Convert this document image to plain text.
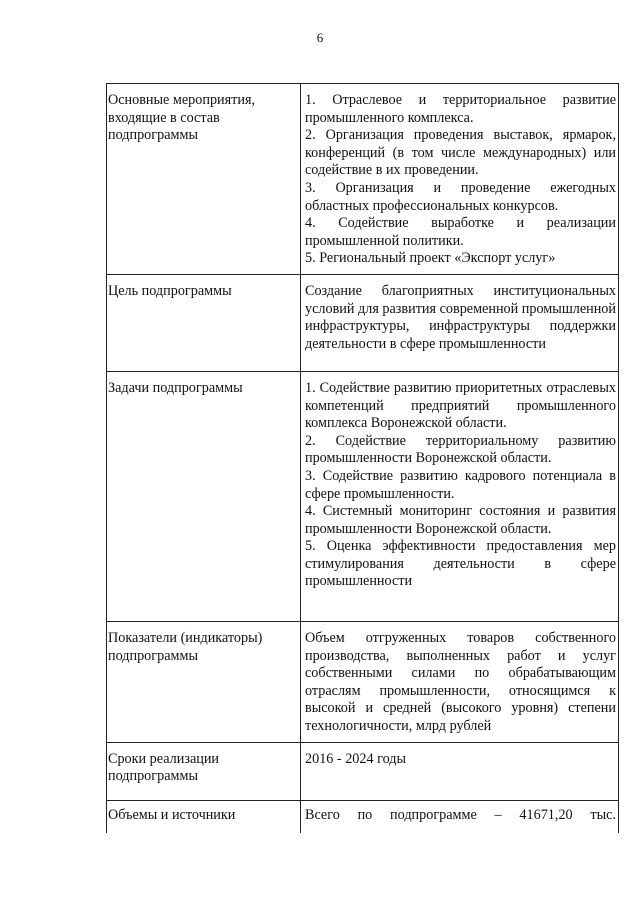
6
Основные мероприятия, входящие в состав подпрограммы	1. Отраслевое и территориальное развитие промышленного комплекса.
2. Организация проведения выставок, ярмарок, конференций (в том числе международных) или содействие в их проведении.
3. Организация и проведение ежегодных областных профессиональных конкурсов.
4. Содействие выработке и реализации промышленной политики.
5. Региональный проект «Экспорт услуг»

Цель подпрограммы	Создание благоприятных институциональных условий для развития современной промышленной инфраструктуры, инфраструктуры поддержки деятельности в сфере промышленности
Задачи подпрограммы	1. Содействие развитию приоритетных отраслевых компетенций предприятий промышленного комплекса Воронежской области.
2. Содействие территориальному развитию промышленности Воронежской области.
3. Содействие развитию кадрового потенциала в сфере промышленности.
4. Системный мониторинг состояния и развития промышленности Воронежской области.
5. Оценка эффективности предоставления мер стимулирования деятельности в сфере промышленности

Показатели (индикаторы) подпрограммы	Объем отгруженных товаров собственного производства, выполненных работ и услуг собственными силами по обрабатывающим отраслям промышленности, относящимся к высокой и средней (высокого уровня) степени технологичности, млрд рублей
Сроки реализации подпрограммы	2016 - 2024 годы
Объемы и источники	Всего по подпрограмме – 41671,20 тыс.
